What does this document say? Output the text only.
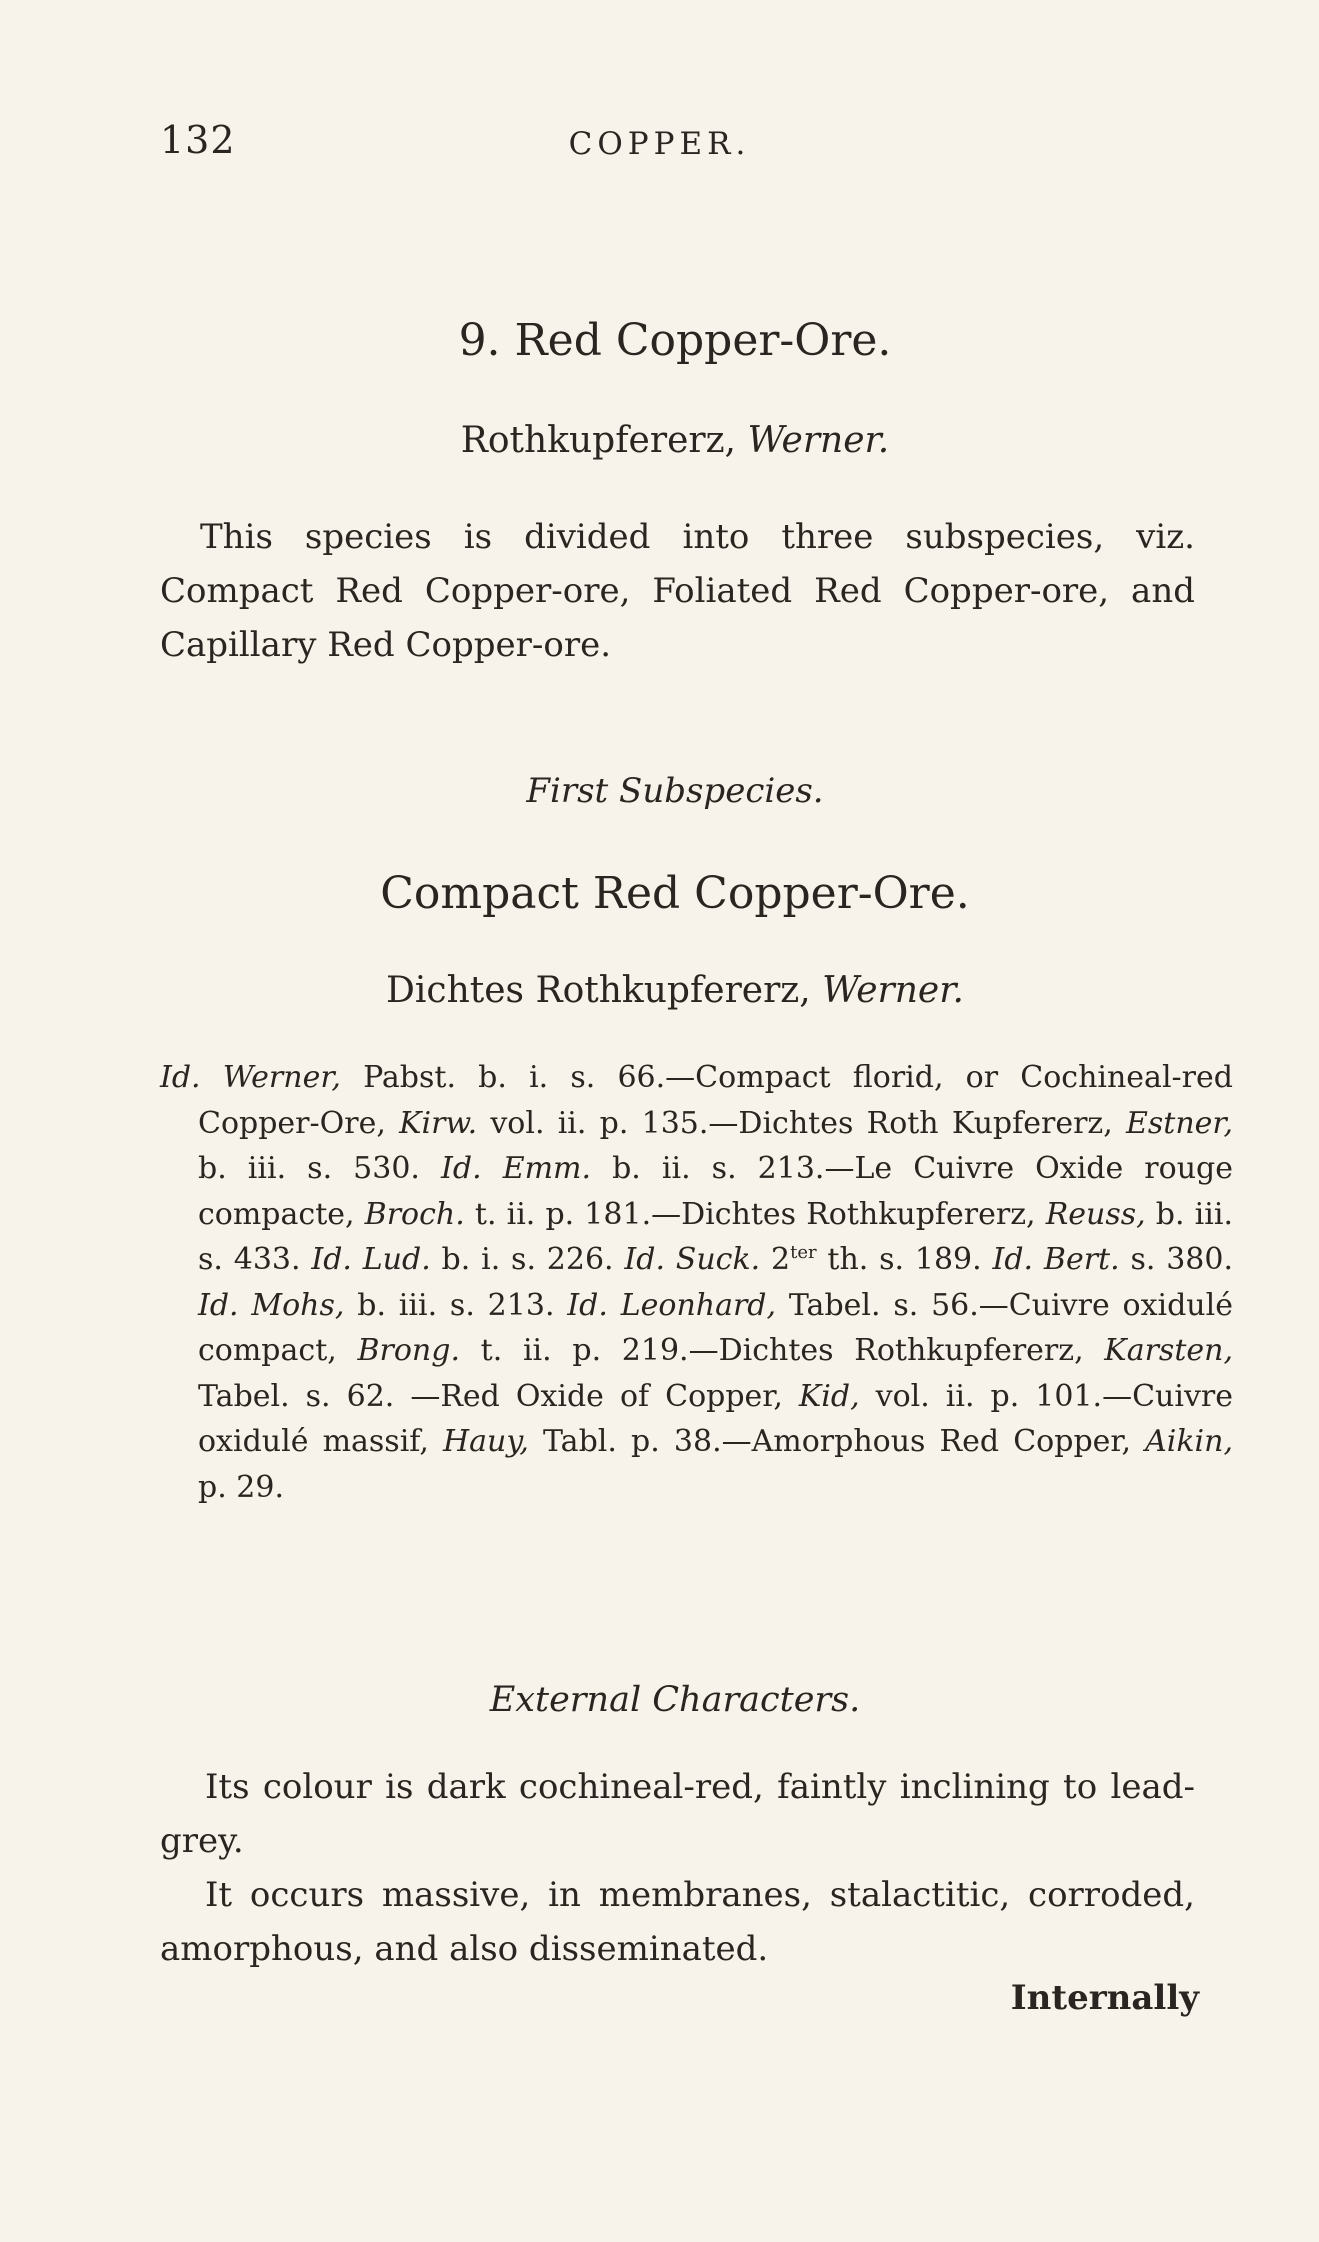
132	COPPER.
9. Red Copper-Ore.
Rothkupfererz, Werner.

This species is divided into three subspecies, viz. Compact Red Copper-ore, Foliated Red Copper-ore, and Capillary Red Copper-ore.

First Subspecies.
Compact Red Copper-Ore.
Dichtes Rothkupfererz, Werner.

Id. Werner, Pabst. b. i. s. 66.—Compact florid, or Cochineal-red Copper-Ore, Kirw. vol. ii. p. 135.—Dichtes Roth Kupfererz, Estner, b. iii. s. 530. Id. Emm. b. ii. s. 213.—Le Cuivre Oxide rouge compacte, Broch. t. ii. p. 181.—Dichtes Rothkupfererz, Reuss, b. iii. s. 433. Id. Lud. b. i. s. 226. Id. Suck. $2^{ter}$ th. s. 189. Id. Bert. s. 380. Id. Mohs, b. iii. s. 213. Id. Leonhard, Tabel. s. 56.—Cuivre oxidulé compact, Brong. t. ii. p. 219.—Dichtes Rothkupfererz, Karsten, Tabel. s. 62. —Red Oxide of Copper, Kid, vol. ii. p. 101.—Cuivre oxidulé massif, Hauy, Tabl. p. 38.—Amorphous Red Copper, Aikin, p. 29.

External Characters.

Its colour is dark cochineal-red, faintly inclining to lead-grey.

It occurs massive, in membranes, stalactitic, corroded, amorphous, and also disseminated.

Internally
